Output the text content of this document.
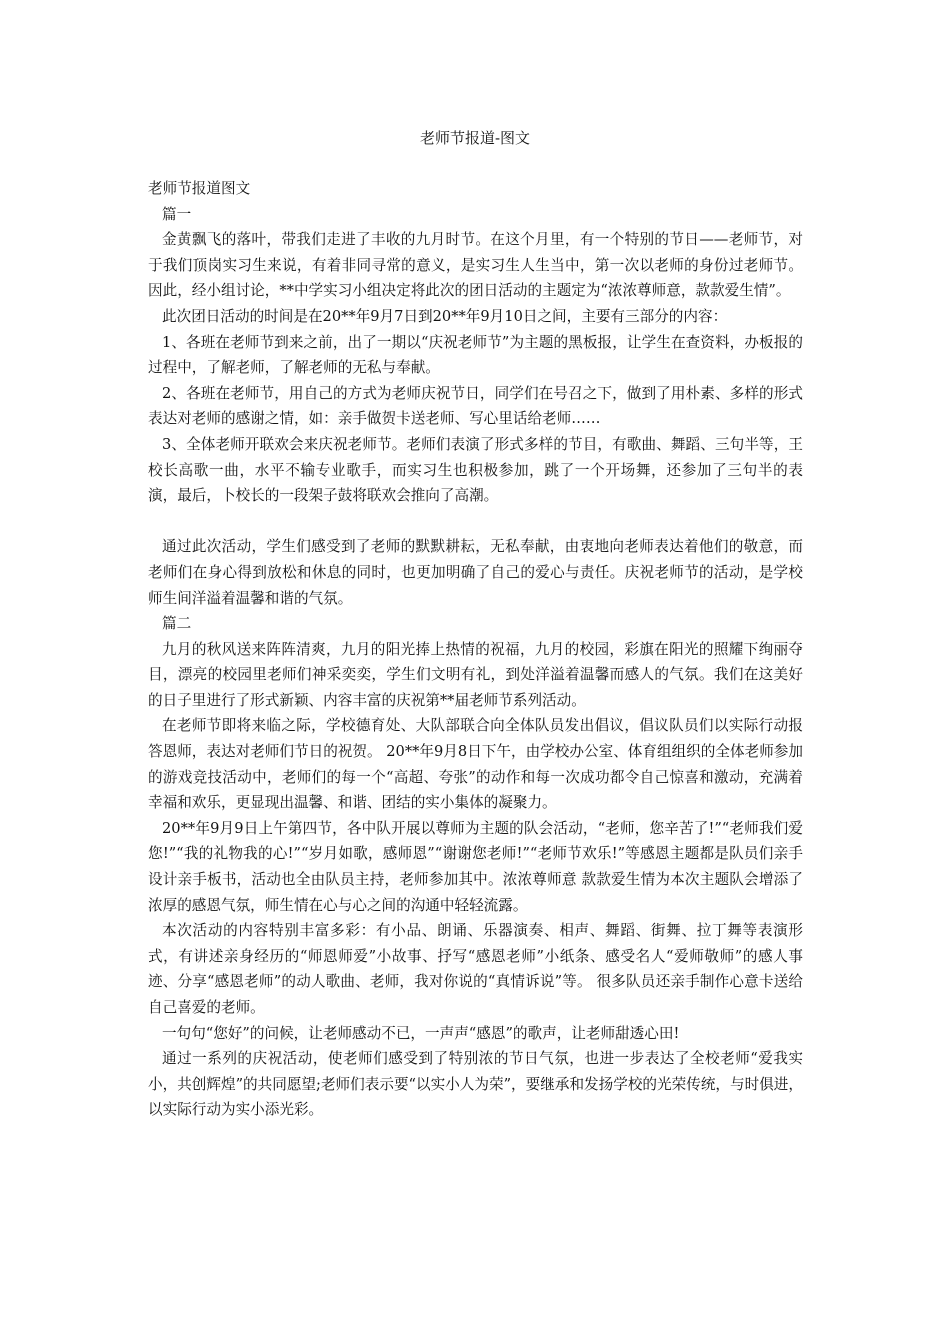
老师节报道-图文

老师节报道图文

篇一

金黄飘飞的落叶，带我们走进了丰收的九月时节。在这个月里，有一个特别的节日——老师节，对于我们顶岗实习生来说，有着非同寻常的意义，是实习生人生当中，第一次以老师的身份过老师节。因此，经小组讨论，**中学实习小组决定将此次的团日活动的主题定为“浓浓尊师意，款款爱生情”。

此次团日活动的时间是在20**年9月7日到20**年9月10日之间，主要有三部分的内容：

1、各班在老师节到来之前，出了一期以“庆祝老师节”为主题的黑板报，让学生在查资料，办板报的过程中，了解老师，了解老师的无私与奉献。

2、各班在老师节，用自己的方式为老师庆祝节日，同学们在号召之下，做到了用朴素、多样的形式表达对老师的感谢之情，如：亲手做贺卡送老师、写心里话给老师……

3、全体老师开联欢会来庆祝老师节。老师们表演了形式多样的节目，有歌曲、舞蹈、三句半等，王校长高歌一曲，水平不输专业歌手，而实习生也积极参加，跳了一个开场舞，还参加了三句半的表演，最后，卜校长的一段架子鼓将联欢会推向了高潮。

通过此次活动，学生们感受到了老师的默默耕耘，无私奉献，由衷地向老师表达着他们的敬意，而老师们在身心得到放松和休息的同时，也更加明确了自己的爱心与责任。庆祝老师节的活动，是学校师生间洋溢着温馨和谐的气氛。

篇二

九月的秋风送来阵阵清爽，九月的阳光捧上热情的祝福，九月的校园，彩旗在阳光的照耀下绚丽夺目，漂亮的校园里老师们神采奕奕，学生们文明有礼，到处洋溢着温馨而感人的气氛。我们在这美好的日子里进行了形式新颖、内容丰富的庆祝第**届老师节系列活动。

在老师节即将来临之际，学校德育处、大队部联合向全体队员发出倡议，倡议队员们以实际行动报答恩师，表达对老师们节日的祝贺。 20**年9月8日下午，由学校办公室、体育组组织的全体老师参加的游戏竞技活动中，老师们的每一个“高超、夸张”的动作和每一次成功都令自己惊喜和激动，充满着幸福和欢乐，更显现出温馨、和谐、团结的实小集体的凝聚力。

20**年9月9日上午第四节，各中队开展以尊师为主题的队会活动，“老师，您辛苦了!”“老师我们爱您!”“我的礼物我的心!”“岁月如歌，感师恩”“谢谢您老师!”“老师节欢乐!”等感恩主题都是队员们亲手设计亲手板书，活动也全由队员主持，老师参加其中。浓浓尊师意 款款爱生情为本次主题队会增添了浓厚的感恩气氛，师生情在心与心之间的沟通中轻轻流露。

本次活动的内容特别丰富多彩：有小品、朗诵、乐器演奏、相声、舞蹈、街舞、拉丁舞等表演形式，有讲述亲身经历的“师恩师爱”小故事、抒写“感恩老师”小纸条、感受名人“爱师敬师”的感人事迹、分享“感恩老师”的动人歌曲、老师，我对你说的“真情诉说”等。 很多队员还亲手制作心意卡送给自己喜爱的老师。

一句句“您好”的问候，让老师感动不已，一声声“感恩”的歌声，让老师甜透心田!

通过一系列的庆祝活动，使老师们感受到了特别浓的节日气氛，也进一步表达了全校老师“爱我实小，共创辉煌”的共同愿望;老师们表示要“以实小人为荣”，要继承和发扬学校的光荣传统，与时俱进，以实际行动为实小添光彩。
